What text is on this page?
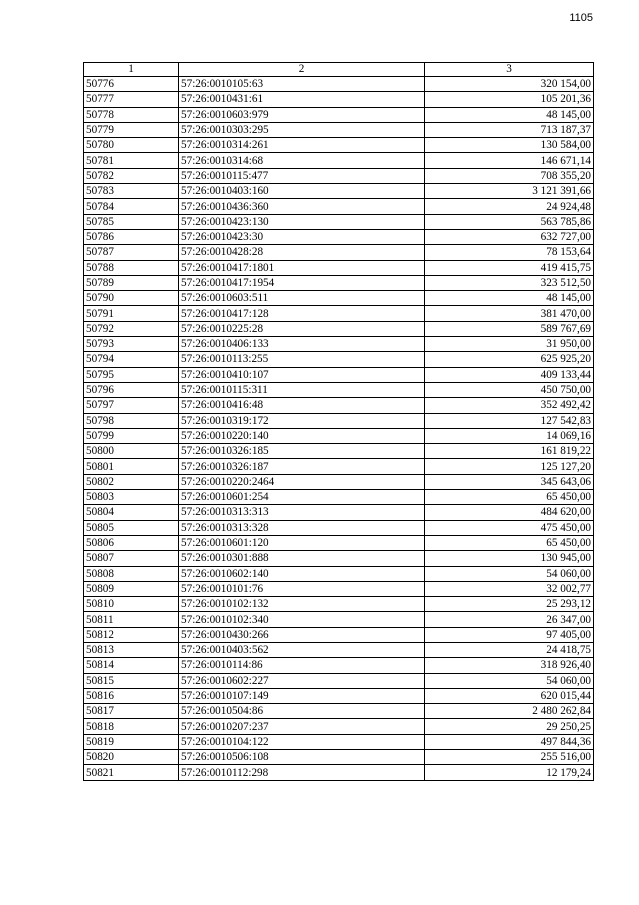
1105
1	2	3
50776	57:26:0010105:63	320 154,00
50777	57:26:0010431:61	105 201,36
50778	57:26:0010603:979	48 145,00
50779	57:26:0010303:295	713 187,37
50780	57:26:0010314:261	130 584,00
50781	57:26:0010314:68	146 671,14
50782	57:26:0010115:477	708 355,20
50783	57:26:0010403:160	3 121 391,66
50784	57:26:0010436:360	24 924,48
50785	57:26:0010423:130	563 785,86
50786	57:26:0010423:30	632 727,00
50787	57:26:0010428:28	78 153,64
50788	57:26:0010417:1801	419 415,75
50789	57:26:0010417:1954	323 512,50
50790	57:26:0010603:511	48 145,00
50791	57:26:0010417:128	381 470,00
50792	57:26:0010225:28	589 767,69
50793	57:26:0010406:133	31 950,00
50794	57:26:0010113:255	625 925,20
50795	57:26:0010410:107	409 133,44
50796	57:26:0010115:311	450 750,00
50797	57:26:0010416:48	352 492,42
50798	57:26:0010319:172	127 542,83
50799	57:26:0010220:140	14 069,16
50800	57:26:0010326:185	161 819,22
50801	57:26:0010326:187	125 127,20
50802	57:26:0010220:2464	345 643,06
50803	57:26:0010601:254	65 450,00
50804	57:26:0010313:313	484 620,00
50805	57:26:0010313:328	475 450,00
50806	57:26:0010601:120	65 450,00
50807	57:26:0010301:888	130 945,00
50808	57:26:0010602:140	54 060,00
50809	57:26:0010101:76	32 002,77
50810	57:26:0010102:132	25 293,12
50811	57:26:0010102:340	26 347,00
50812	57:26:0010430:266	97 405,00
50813	57:26:0010403:562	24 418,75
50814	57:26:0010114:86	318 926,40
50815	57:26:0010602:227	54 060,00
50816	57:26:0010107:149	620 015,44
50817	57:26:0010504:86	2 480 262,84
50818	57:26:0010207:237	29 250,25
50819	57:26:0010104:122	497 844,36
50820	57:26:0010506:108	255 516,00
50821	57:26:0010112:298	12 179,24
